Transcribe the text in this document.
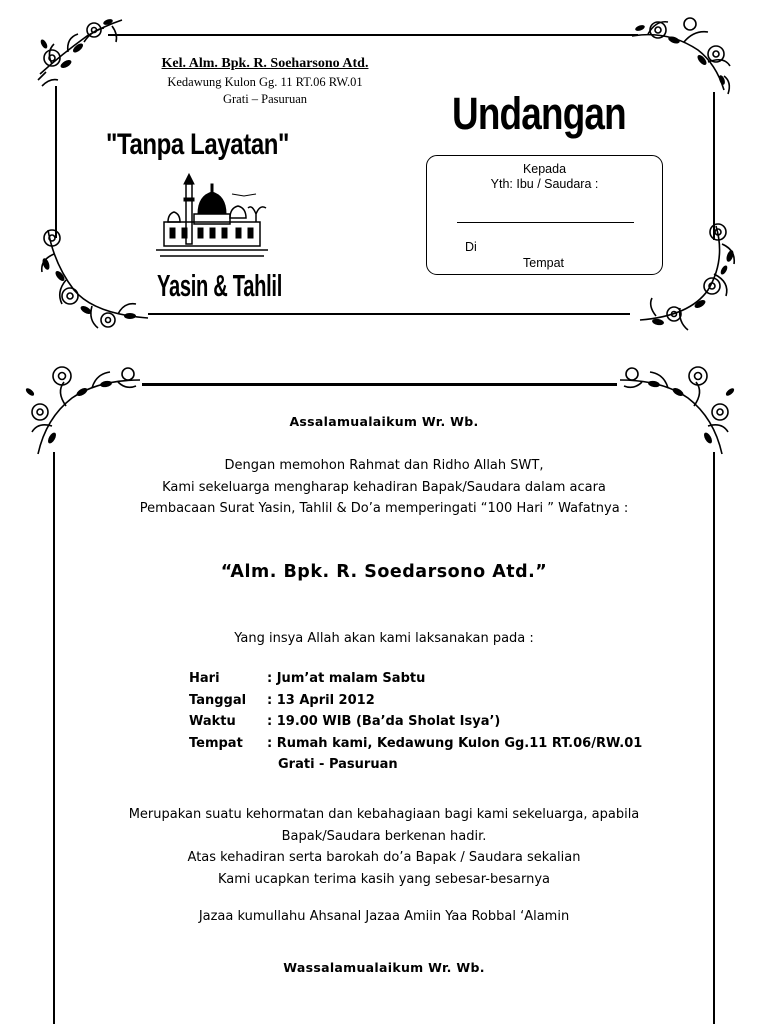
Kel. Alm. Bpk. R. Soeharsono Atd.
Kedawung Kulon Gg. 11 RT.06 RW.01
Grati – Pasuruan	Undangan
"Tanpa Layatan"
Yasin & Tahlil
Kepada
Yth: Ibu / Saudara :
Di
Tempat
Assalamualaikum Wr. Wb.
Dengan memohon Rahmat dan Ridho Allah SWT,
Kami sekeluarga mengharap kehadiran Bapak/Saudara dalam acara
Pembacaan Surat Yasin, Tahlil & Do’a memperingati “100 Hari ” Wafatnya :
“Alm. Bpk. R. Soedarsono Atd.”
Yang insya Allah akan kami laksanakan pada :
Hari	: Jum’at malam Sabtu
Tanggal : 13 April 2012
Waktu : 19.00 WIB (Ba’da Sholat Isya’)
Tempat : Rumah kami, Kedawung Kulon Gg.11 RT.06/RW.01
Grati - Pasuruan
Merupakan suatu kehormatan dan kebahagiaan bagi kami sekeluarga, apabila
Bapak/Saudara berkenan hadir.
Atas kehadiran serta barokah do’a Bapak / Saudara sekalian
Kami ucapkan terima kasih yang sebesar-besarnya
Jazaa kumullahu Ahsanal Jazaa Amiin Yaa Robbal ‘Alamin
Wassalamualaikum Wr. Wb.
